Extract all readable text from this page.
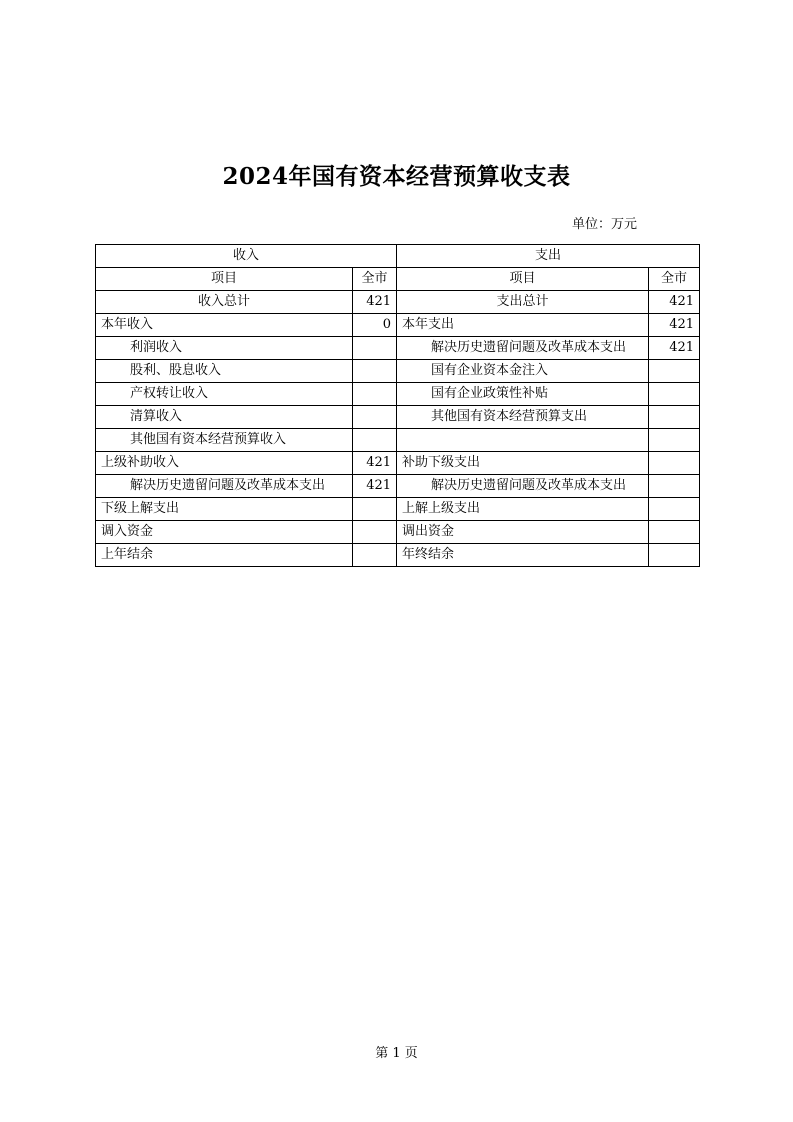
2024年国有资本经营预算收支表
单位：万元
收入		支出	
项目	全市	项目	全市
收入总计	421	支出总计	421
本年收入	0	本年支出	421
利润收入		解决历史遗留问题及改革成本支出	421
股利、股息收入		国有企业资本金注入	
产权转让收入		国有企业政策性补贴	
清算收入		其他国有资本经营预算支出	
其他国有资本经营预算收入			
上级补助收入	421	补助下级支出	
解决历史遗留问题及改革成本支出	421	解决历史遗留问题及改革成本支出	
下级上解支出		上解上级支出	
调入资金		调出资金	
上年结余		年终结余	
第 1 页
